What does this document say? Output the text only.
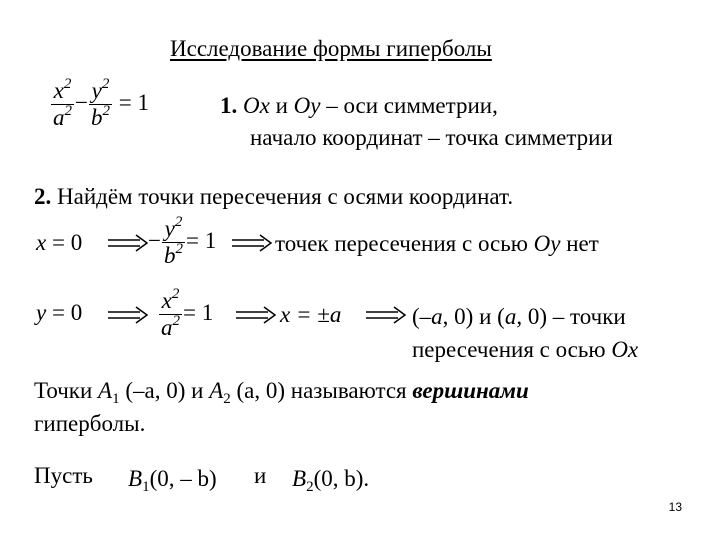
Исследование формы гиперболы
$\frac{x^2}{a^2} - \frac{y^2}{b^2} = 1$	1. Ox и Oy – оси симметрии,
начало координат – точка симметрии
2. Найдём точки пересечения с осями координат.
x = 0	− $\frac{y^2}{b^2} = 1$	точек пересечения с осью Oy нет
y = 0	$\frac{x^2}{a^2} = 1$	x = ±a	(–a, 0) и (a, 0) – точки
пересечения с осью Ox
Точки $A_1$ (–a, 0) и $A_2$ (a, 0) называются вершинами
гиперболы.
Пусть $B_1(0$, – b) и $B_2(0$, b).
13
